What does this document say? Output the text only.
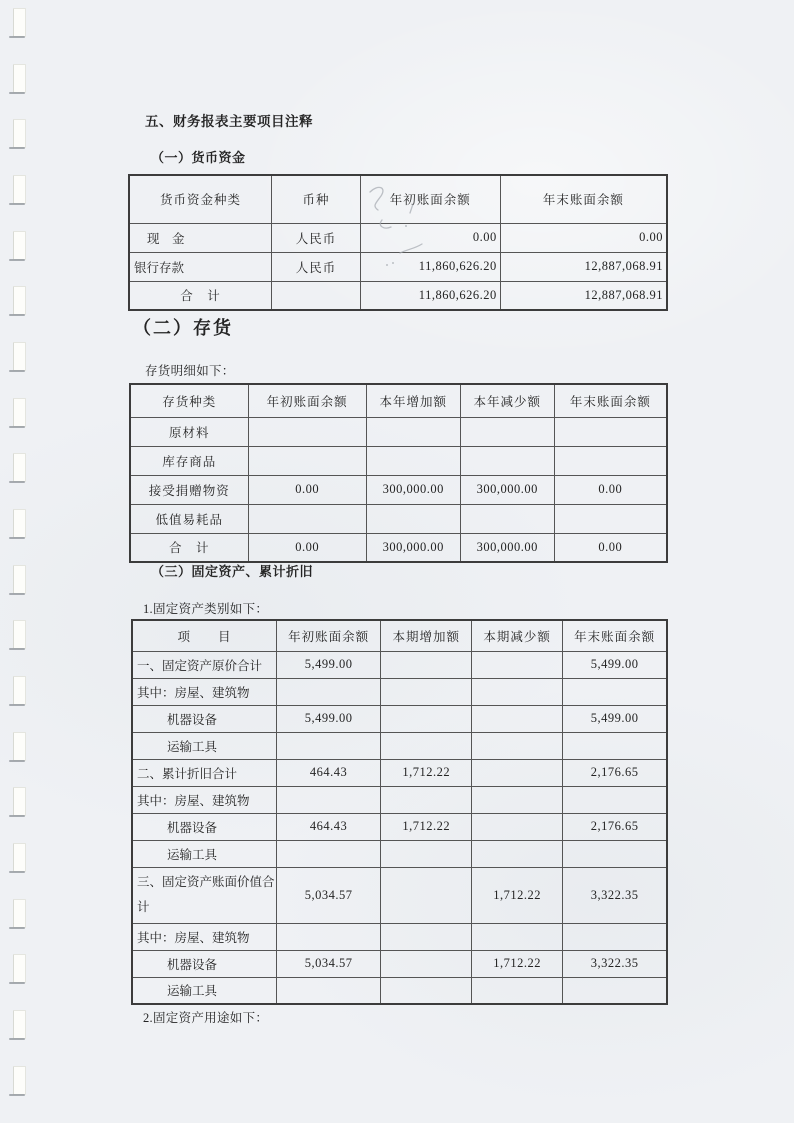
五、财务报表主要项目注释
（一）货币资金
货币资金种类	币种	年初账面余额	年末账面余额
现　金	人民币	0.00	0.00
银行存款	人民币	11,860,626.20	12,887,068.91
合　计		11,860,626.20	12,887,068.91
（二）存货
存货明细如下：
存货种类	年初账面余额	本年增加额	本年减少额	年末账面余额
原材料				
库存商品				
接受捐赠物资	0.00	300,000.00	300,000.00	0.00
低值易耗品				
合　计	0.00	300,000.00	300,000.00	0.00
（三）固定资产、累计折旧
1.固定资产类别如下：
项　　目	年初账面余额	本期增加额	本期减少额	年末账面余额
一、固定资产原价合计	5,499.00			5,499.00
其中：房屋、建筑物				
机器设备	5,499.00			5,499.00
运输工具				
二、累计折旧合计	464.43	1,712.22		2,176.65
其中：房屋、建筑物				
机器设备	464.43	1,712.22		2,176.65
运输工具				
三、固定资产账面价值合计	5,034.57		1,712.22	3,322.35
其中：房屋、建筑物				
机器设备	5,034.57		1,712.22	3,322.35
运输工具				
2.固定资产用途如下：
